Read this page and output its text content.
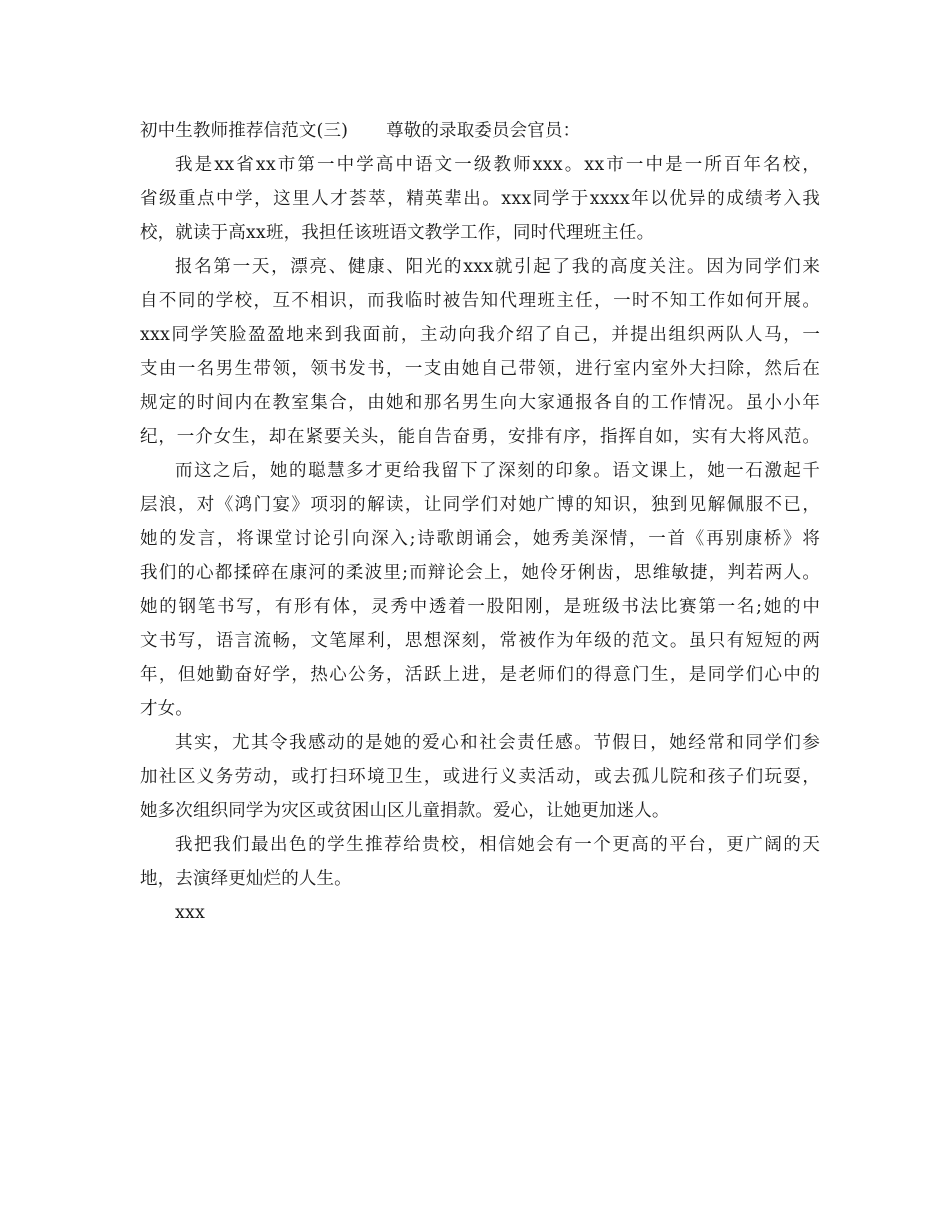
初中生教师推荐信范文(三) 尊敬的录取委员会官员：
我是xx省xx市第一中学高中语文一级教师xxx。xx市一中是一所百年名校，
省级重点中学，这里人才荟萃，精英辈出。xxx同学于xxxx年以优异的成绩考入我
校，就读于高xx班，我担任该班语文教学工作，同时代理班主任。
报名第一天，漂亮、健康、阳光的xxx就引起了我的高度关注。因为同学们来
自不同的学校，互不相识，而我临时被告知代理班主任，一时不知工作如何开展。
xxx同学笑脸盈盈地来到我面前，主动向我介绍了自己，并提出组织两队人马，一
支由一名男生带领，领书发书，一支由她自己带领，进行室内室外大扫除，然后在
规定的时间内在教室集合，由她和那名男生向大家通报各自的工作情况。虽小小年
纪，一介女生，却在紧要关头，能自告奋勇，安排有序，指挥自如，实有大将风范。
而这之后，她的聪慧多才更给我留下了深刻的印象。语文课上，她一石激起千
层浪，对《鸿门宴》项羽的解读，让同学们对她广博的知识，独到见解佩服不已，
她的发言，将课堂讨论引向深入;诗歌朗诵会，她秀美深情，一首《再别康桥》将
我们的心都揉碎在康河的柔波里;而辩论会上，她伶牙俐齿，思维敏捷，判若两人。
她的钢笔书写，有形有体，灵秀中透着一股阳刚，是班级书法比赛第一名;她的中
文书写，语言流畅，文笔犀利，思想深刻，常被作为年级的范文。虽只有短短的两
年，但她勤奋好学，热心公务，活跃上进，是老师们的得意门生，是同学们心中的
才女。
其实，尤其令我感动的是她的爱心和社会责任感。节假日，她经常和同学们参
加社区义务劳动，或打扫环境卫生，或进行义卖活动，或去孤儿院和孩子们玩耍，
她多次组织同学为灾区或贫困山区儿童捐款。爱心，让她更加迷人。
我把我们最出色的学生推荐给贵校，相信她会有一个更高的平台，更广阔的天
地，去演绎更灿烂的人生。
xxx
